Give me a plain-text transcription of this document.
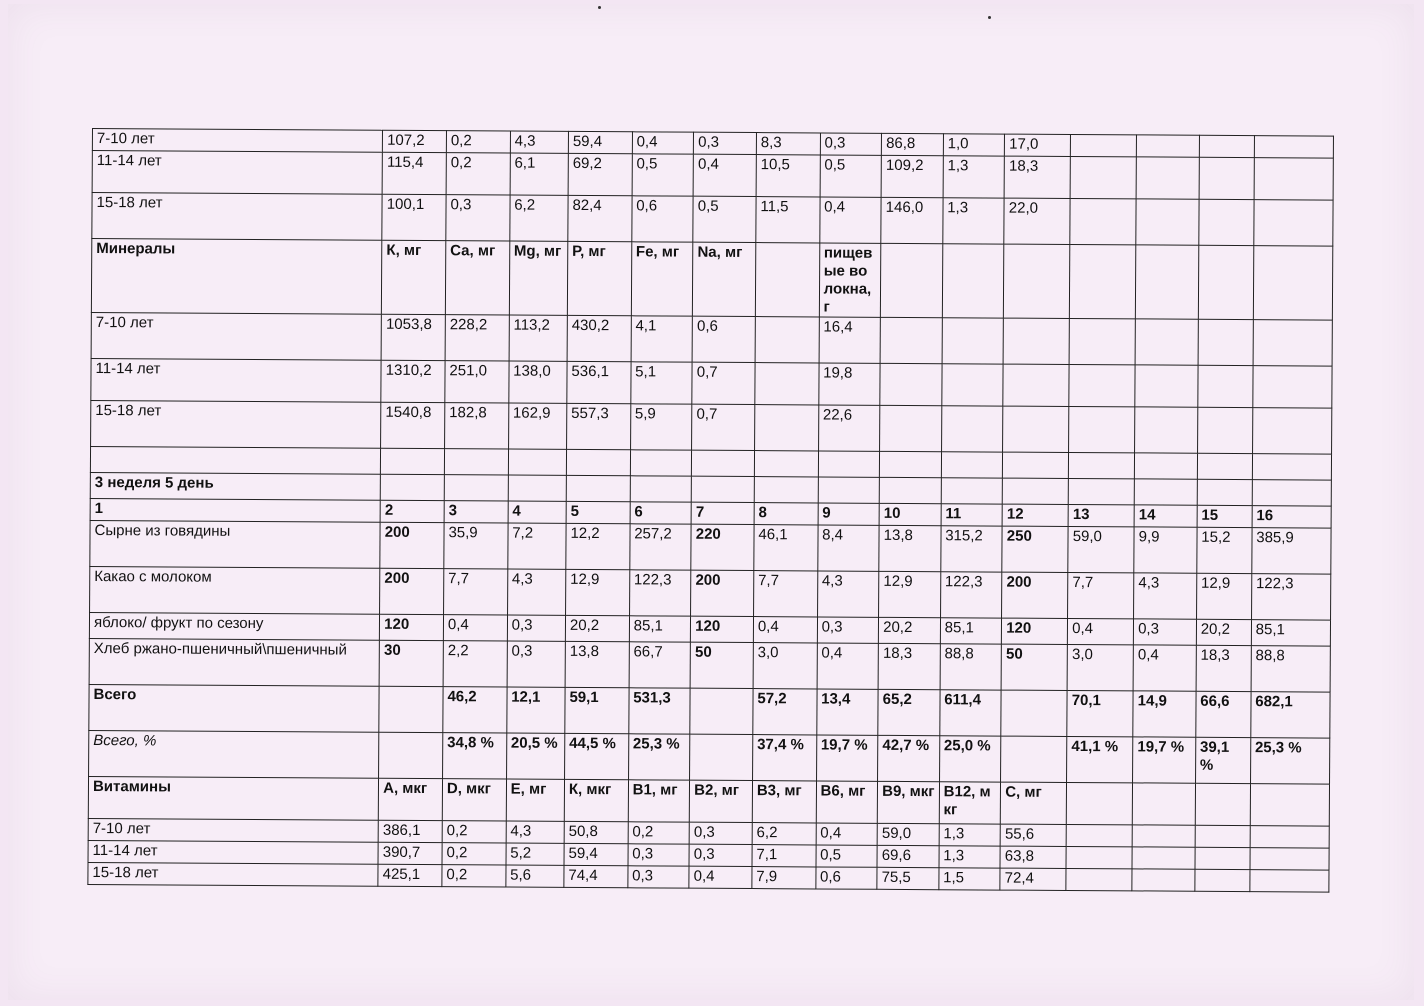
7-10 лет	107,2	0,2	4,3	59,4	0,4	0,3	8,3	0,3	86,8	1,0	17,0				
11-14 лет	115,4	0,2	6,1	69,2	0,5	0,4	10,5	0,5	109,2	1,3	18,3				
15-18 лет	100,1	0,3	6,2	82,4	0,6	0,5	11,5	0,4	146,0	1,3	22,0				
Минералы	К, мг	Са, мг	Mg, мг	Р, мг	Fe, мг	Na, мг		пищевые волокна, г							
7-10 лет	1053,8	228,2	113,2	430,2	4,1	0,6		16,4							
11-14 лет	1310,2	251,0	138,0	536,1	5,1	0,7		19,8							
15-18 лет	1540,8	182,8	162,9	557,3	5,9	0,7		22,6							

3 неделя 5 день															
1	2	3	4	5	6	7	8	9	10	11	12	13	14	15	16
Сырне из говядины	200	35,9	7,2	12,2	257,2	220	46,1	8,4	13,8	315,2	250	59,0	9,9	15,2	385,9
Какао с молоком	200	7,7	4,3	12,9	122,3	200	7,7	4,3	12,9	122,3	200	7,7	4,3	12,9	122,3
яблоко/ фрукт по сезону	120	0,4	0,3	20,2	85,1	120	0,4	0,3	20,2	85,1	120	0,4	0,3	20,2	85,1
Хлеб ржано-пшеничный\пшеничный	30	2,2	0,3	13,8	66,7	50	3,0	0,4	18,3	88,8	50	3,0	0,4	18,3	88,8
Всего		46,2	12,1	59,1	531,3		57,2	13,4	65,2	611,4		70,1	14,9	66,6	682,1
Всего, %		34,8 %	20,5 %	44,5 %	25,3 %		37,4 %	19,7 %	42,7 %	25,0 %		41,1 %	19,7 %	39,1 %	25,3 %
Витамины	А, мкг	D, мкг	Е, мг	К, мкг	В1, мг	В2, мг	В3, мг	В6, мг	В9, мкг	В12, мкг	С, мг				
7-10 лет	386,1	0,2	4,3	50,8	0,2	0,3	6,2	0,4	59,0	1,3	55,6				
11-14 лет	390,7	0,2	5,2	59,4	0,3	0,3	7,1	0,5	69,6	1,3	63,8				
15-18 лет	425,1	0,2	5,6	74,4	0,3	0,4	7,9	0,6	75,5	1,5	72,4				
